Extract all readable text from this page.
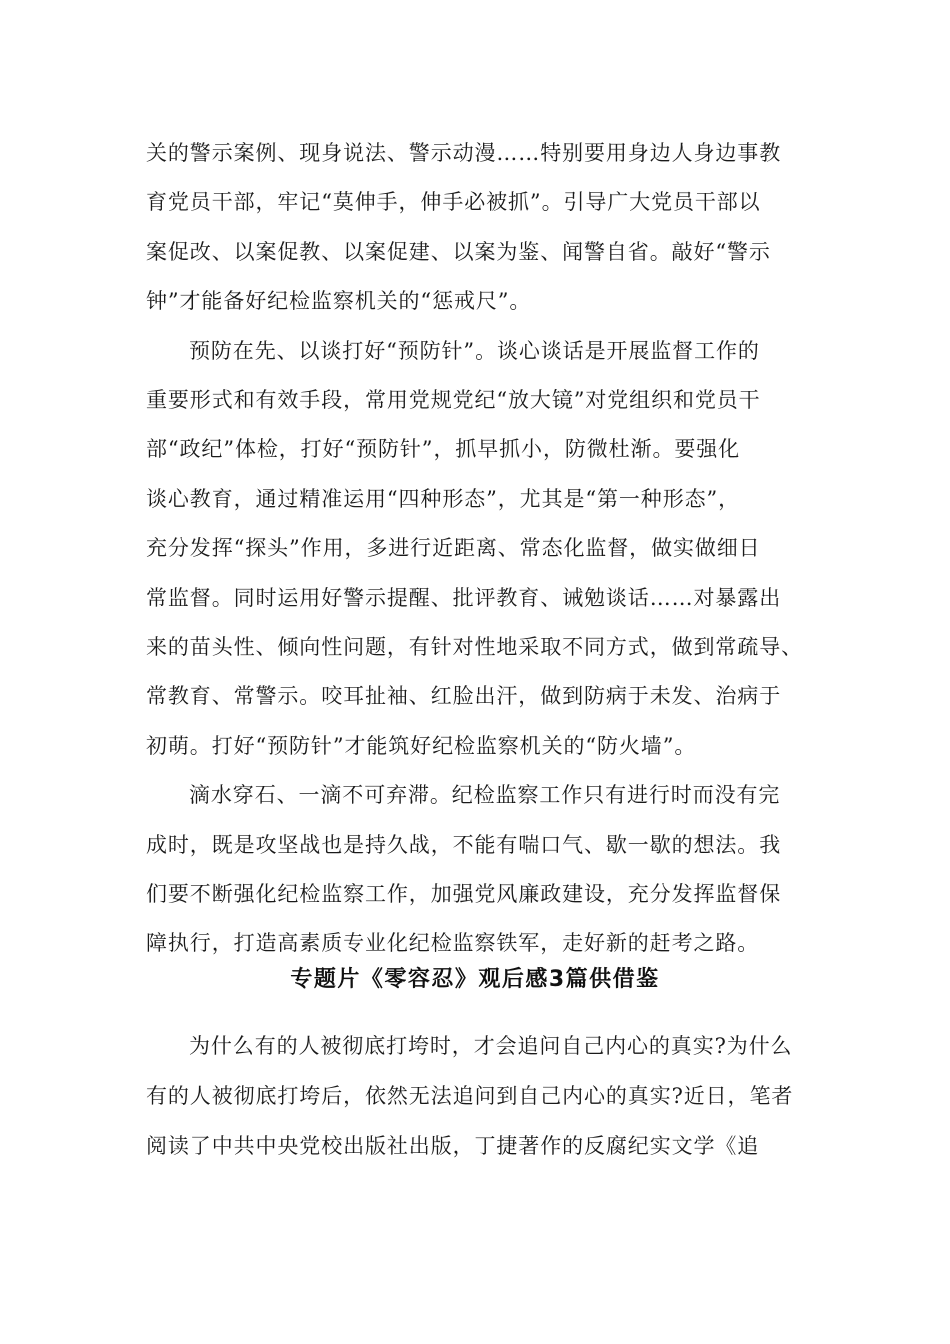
关的警示案例、现身说法、警示动漫……特别要用身边人身边事教
育党员干部，牢记“莫伸手，伸手必被抓”。引导广大党员干部以
案促改、以案促教、以案促建、以案为鉴、闻警自省。敲好“警示
钟”才能备好纪检监察机关的“惩戒尺”。
预防在先、以谈打好“预防针”。谈心谈话是开展监督工作的
重要形式和有效手段，常用党规党纪“放大镜”对党组织和党员干
部“政纪”体检，打好“预防针”，抓早抓小，防微杜渐。要强化
谈心教育，通过精准运用“四种形态”，尤其是“第一种形态”，
充分发挥“探头”作用，多进行近距离、常态化监督，做实做细日
常监督。同时运用好警示提醒、批评教育、诫勉谈话……对暴露出
来的苗头性、倾向性问题，有针对性地采取不同方式，做到常疏导、
常教育、常警示。咬耳扯袖、红脸出汗，做到防病于未发、治病于
初萌。打好“预防针”才能筑好纪检监察机关的“防火墙”。
滴水穿石、一滴不可弃滞。纪检监察工作只有进行时而没有完
成时，既是攻坚战也是持久战，不能有喘口气、歇一歇的想法。我
们要不断强化纪检监察工作，加强党风廉政建设，充分发挥监督保
障执行，打造高素质专业化纪检监察铁军，走好新的赶考之路。
专题片《零容忍》观后感3篇供借鉴
为什么有的人被彻底打垮时，才会追问自己内心的真实?为什么
有的人被彻底打垮后，依然无法追问到自己内心的真实?近日，笔者
阅读了中共中央党校出版社出版，丁捷著作的反腐纪实文学《追
